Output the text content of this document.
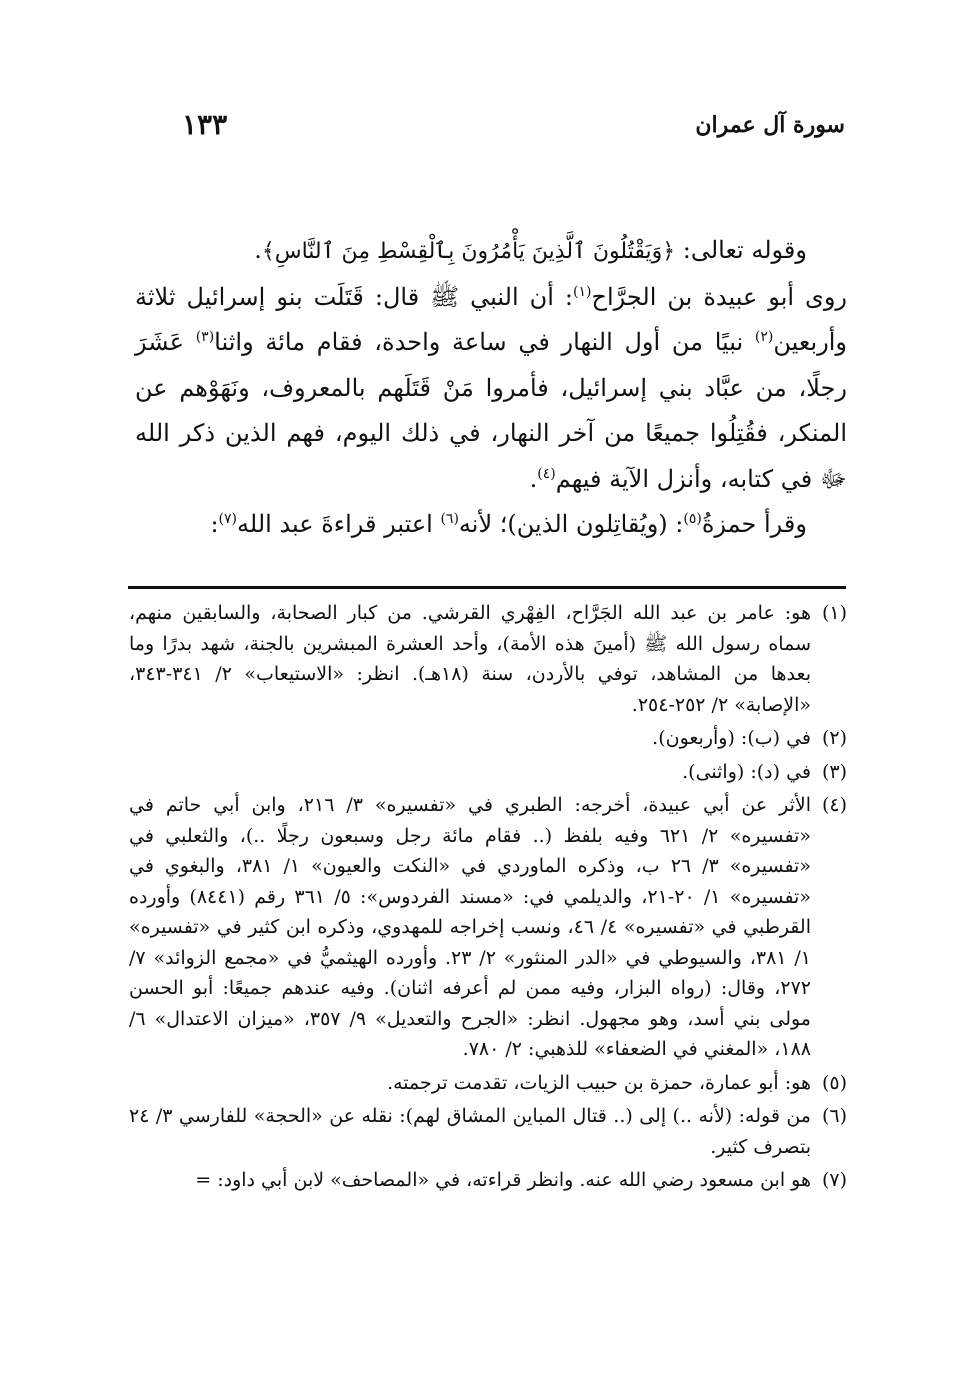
سورة آل عمران
١٣٣

وقوله تعالى: ﴿وَيَقْتُلُونَ ٱلَّذِينَ يَأْمُرُونَ بِٱلْقِسْطِ مِنَ ٱلنَّاسِ﴾.

روى أبو عبيدة بن الجرَّاح$^{(١)}$: أن النبي ﷺ قال: قَتَلَت بنو إسرائيل ثلاثة وأربعين$^{(٢)}$ نبيًا من أول النهار في ساعة واحدة، فقام مائة واثنا$^{(٣)}$ عَشَرَ رجلًا، من عبَّاد بني إسرائيل، فأمروا مَنْ قَتَلَهم بالمعروف، ونَهَوْهم عن المنكر، فقُتِلُوا جميعًا من آخر النهار، في ذلك اليوم، فهم الذين ذكر الله ﷻ في كتابه، وأنزل الآية فيهم$^{(٤)}$.

وقرأ حمزةُ$^{(٥)}$: (ويُقاتِلون الذين)؛ لأنه$^{(٦)}$ اعتبر قراءةَ عبد الله$^{(٧)}$:

(١)
هو: عامر بن عبد الله الجَرَّاح، الفِهْري القرشي. من كبار الصحابة، والسابقين منهم، سماه رسول الله ﷺ (أمينَ هذه الأمة)، وأحد العشرة المبشرين بالجنة، شهد بدرًا وما بعدها من المشاهد، توفي بالأردن، سنة (١٨هـ). انظر: «الاستيعاب» ٢/ ٣٤١-٣٤٣، «الإصابة» ٢/ ٢٥٢-٢٥٤.
(٢)
في (ب): (وأربعون).
(٣)
في (د): (واثنى).
(٤)
الأثر عن أبي عبيدة، أخرجه: الطبري في «تفسيره» ٣/ ٢١٦، وابن أبي حاتم في «تفسيره» ٢/ ٦٢١ وفيه بلفظ (.. فقام مائة رجل وسبعون رجلًا ..)، والثعلبي في «تفسيره» ٣/ ٢٦ ب، وذكره الماوردي في «النكت والعيون» ١/ ٣٨١، والبغوي في «تفسيره» ١/ ٢٠-٢١، والديلمي في: «مسند الفردوس»: ٥/ ٣٦١ رقم (٨٤٤١) وأورده القرطبي في «تفسيره» ٤/ ٤٦، ونسب إخراجه للمهدوي، وذكره ابن كثير في «تفسيره» ١/ ٣٨١، والسيوطي في «الدر المنثور» ٢/ ٢٣. وأورده الهيثميُّ في «مجمع الزوائد» ٧/ ٢٧٢، وقال: (رواه البزار، وفيه ممن لم أعرفه اثنان). وفيه عندهم جميعًا: أبو الحسن مولى بني أسد، وهو مجهول. انظر: «الجرح والتعديل» ٩/ ٣٥٧، «ميزان الاعتدال» ٦/ ١٨٨، «المغني في الضعفاء» للذهبي: ٢/ ٧٨٠.
(٥)
هو: أبو عمارة، حمزة بن حبيب الزيات، تقدمت ترجمته.
(٦)
من قوله: (لأنه ..) إلى (.. قتال المباين المشاق لهم): نقله عن «الحجة» للفارسي ٣/ ٢٤ بتصرف كثير.
(٧)
هو ابن مسعود رضي الله عنه. وانظر قراءته، في «المصاحف» لابن أبي داود: =
